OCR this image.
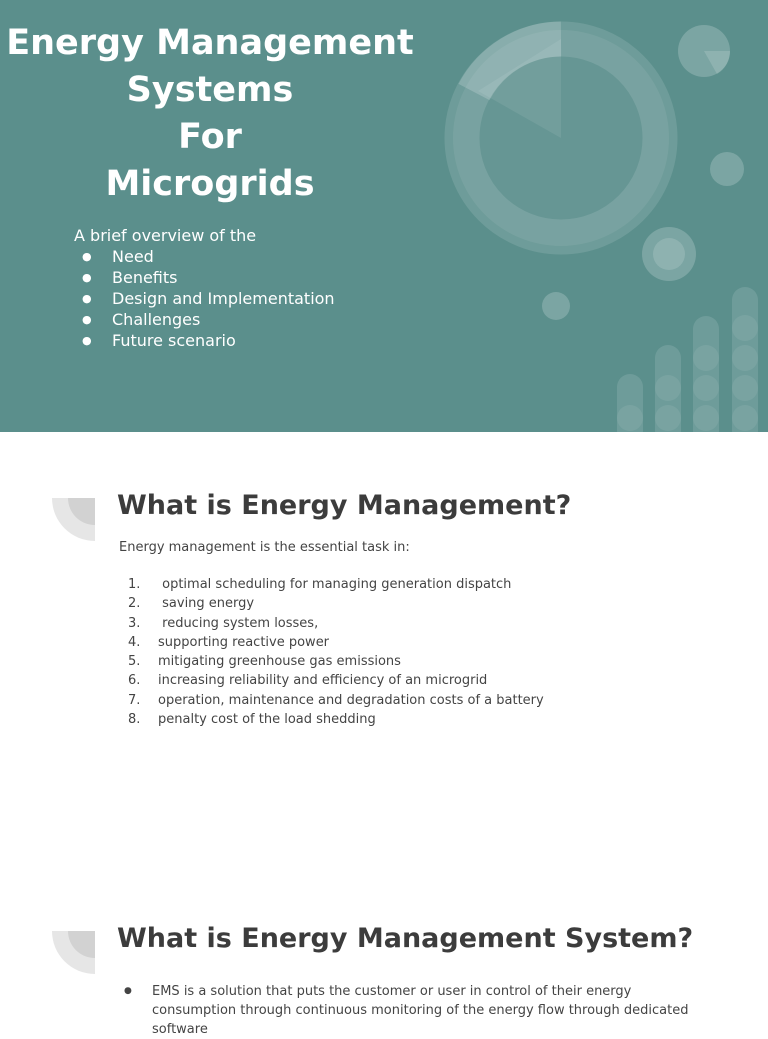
Energy Management
Systems
For
Microgrids
A brief overview of the
● Need
● Benefits
● Design and Implementation
● Challenges
● Future scenario
What is Energy Management?
Energy management is the essential task in:
1.	optimal scheduling for managing generation dispatch
2.	saving energy
3.	reducing system losses,
4.	supporting reactive power
5.	mitigating greenhouse gas emissions
6.	increasing reliability and efficiency of an microgrid
7.	operation, maintenance and degradation costs of a battery
8.	penalty cost of the load shedding
What is Energy Management System?
● EMS is a solution that puts the customer or user in control of their energy consumption through continuous monitoring of the energy flow through dedicated software
